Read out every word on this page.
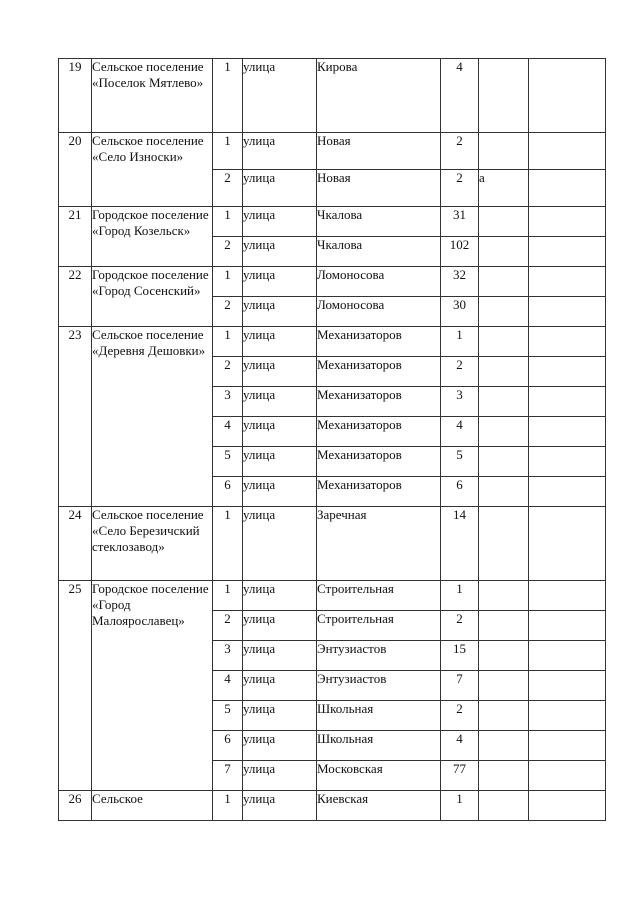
19	Сельское поселение «Поселок Мятлево»	1	улица	Кирова	4		
20	Сельское поселение «Село Износки»	1	улица	Новая	2		
		2	улица	Новая	2	а	
21	Городское поселение «Город Козельск»	1	улица	Чкалова	31		
		2	улица	Чкалова	102		
22	Городское поселение «Город Сосенский»	1	улица	Ломоносова	32		
		2	улица	Ломоносова	30		
23	Сельское поселение «Деревня Дешовки»	1	улица	Механизаторов	1		
		2	улица	Механизаторов	2		
		3	улица	Механизаторов	3		
		4	улица	Механизаторов	4		
		5	улица	Механизаторов	5		
		6	улица	Механизаторов	6		
24	Сельское поселение «Село Березичский стеклозавод»	1	улица	Заречная	14		
25	Городское поселение «Город Малоярославец»	1	улица	Строительная	1		
		2	улица	Строительная	2		
		3	улица	Энтузиастов	15		
		4	улица	Энтузиастов	7		
		5	улица	Школьная	2		
		6	улица	Школьная	4		
		7	улица	Московская	77		
26	Сельское	1	улица	Киевская	1		
